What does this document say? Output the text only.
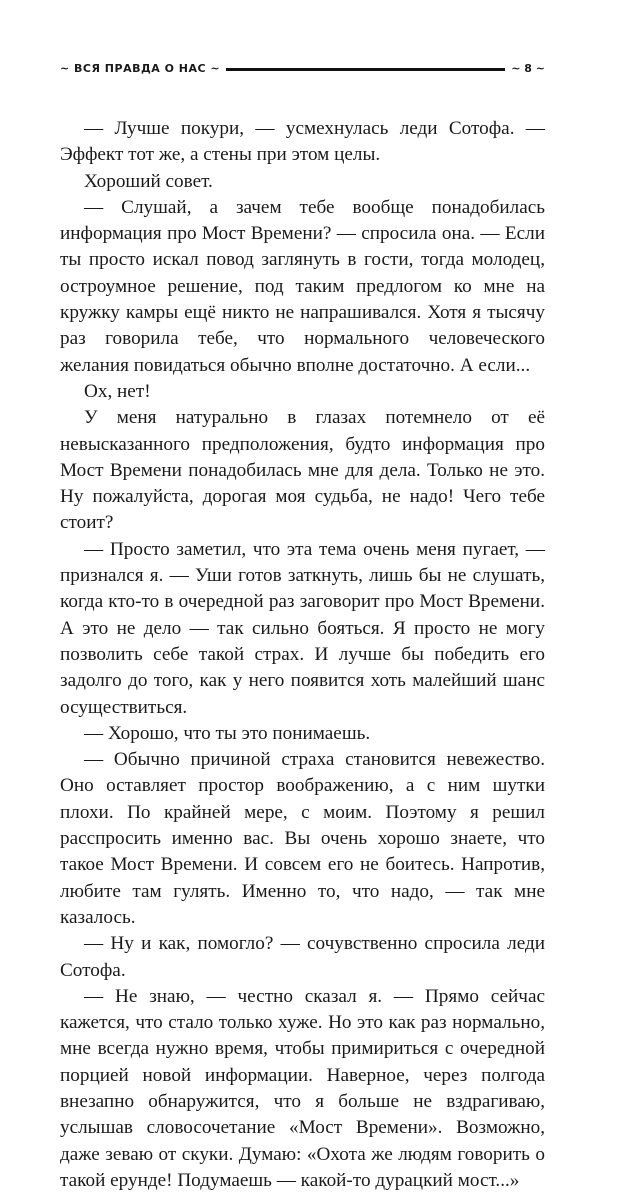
~ ВСЯ ПРАВДА О НАС ~	~ 8 ~

— Лучше покури, — усмехнулась леди Сотофа. — Эффект тот же, а стены при этом целы.

Хороший совет.

— Слушай, а зачем тебе вообще понадобилась информация про Мост Времени? — спросила она. — Если ты просто искал повод заглянуть в гости, тогда молодец, остроумное решение, под таким предлогом ко мне на кружку камры ещё никто не напрашивался. Хотя я тысячу раз говорила тебе, что нормального человеческого желания повидаться обычно вполне достаточно. А если...

Ох, нет!

У меня натурально в глазах потемнело от её невысказанного предположения, будто информация про Мост Времени понадобилась мне для дела. Только не это. Ну пожалуйста, дорогая моя судьба, не надо! Чего тебе стоит?

— Просто заметил, что эта тема очень меня пугает, — признался я. — Уши готов заткнуть, лишь бы не слушать, когда кто-то в очередной раз заговорит про Мост Времени. А это не дело — так сильно бояться. Я просто не могу позволить себе такой страх. И лучше бы победить его задолго до того, как у него появится хоть малейший шанс осуществиться.

— Хорошо, что ты это понимаешь.

— Обычно причиной страха становится невежество. Оно оставляет простор воображению, а с ним шутки плохи. По крайней мере, с моим. Поэтому я решил расспросить именно вас. Вы очень хорошо знаете, что такое Мост Времени. И совсем его не боитесь. Напротив, любите там гулять. Именно то, что надо, — так мне казалось.

— Ну и как, помогло? — сочувственно спросила леди Сотофа.

— Не знаю, — честно сказал я. — Прямо сейчас кажется, что стало только хуже. Но это как раз нормально, мне всегда нужно время, чтобы примириться с очередной порцией новой информации. Наверное, через полгода внезапно обнаружится, что я больше не вздрагиваю, услышав словосочетание «Мост Времени». Возможно, даже зеваю от скуки. Думаю: «Охота же людям говорить о такой ерунде! Подумаешь — какой-то дурацкий мост...»
